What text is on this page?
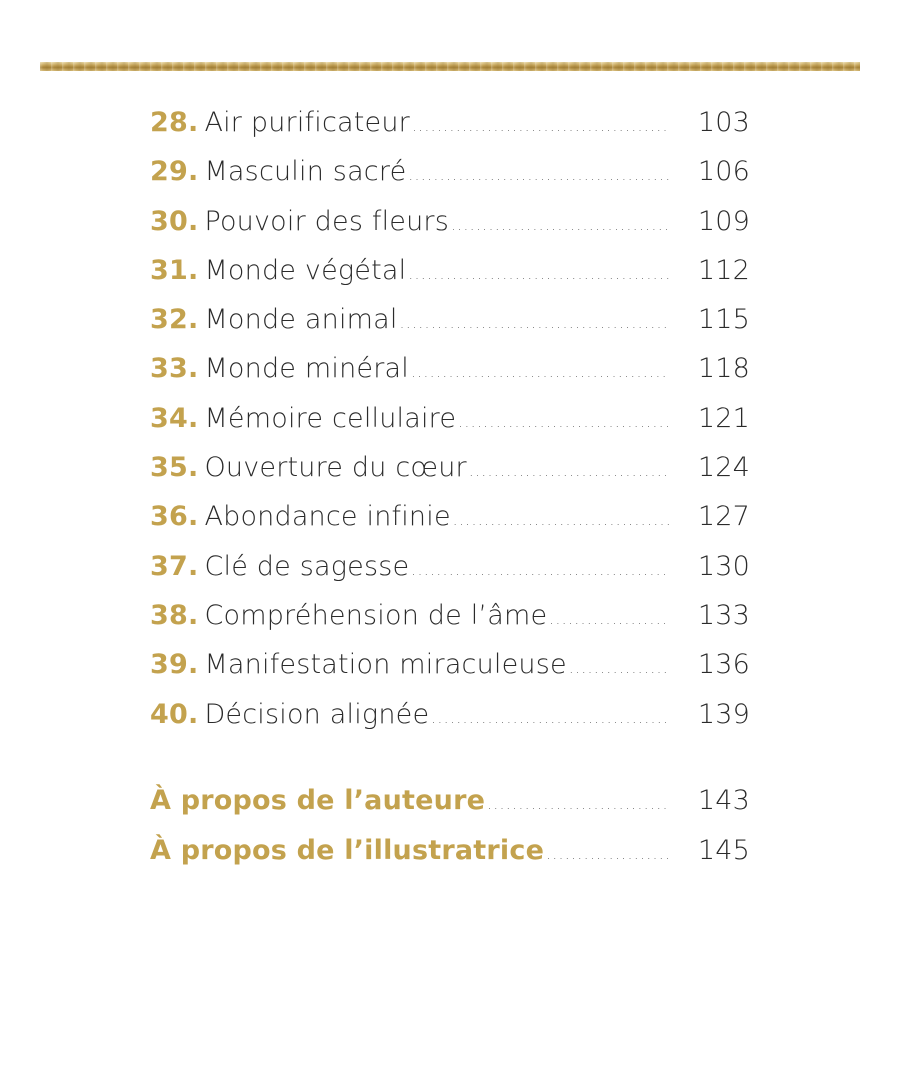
28. Air purificateur .....	103
29. Masculin sacré .....	106
30. Pouvoir des fleurs .....	109
31. Monde végétal .....	112
32. Monde animal .....	115
33. Monde minéral .....	118
34. Mémoire cellulaire .....	121
35. Ouverture du cœur .....	124
36. Abondance infinie .....	127
37. Clé de sagesse .....	130
38. Compréhension de l’âme .....	133
39. Manifestation miraculeuse .....	136
40. Décision alignée .....	139
À propos de l’auteure .....	143
À propos de l’illustratrice .....	145
